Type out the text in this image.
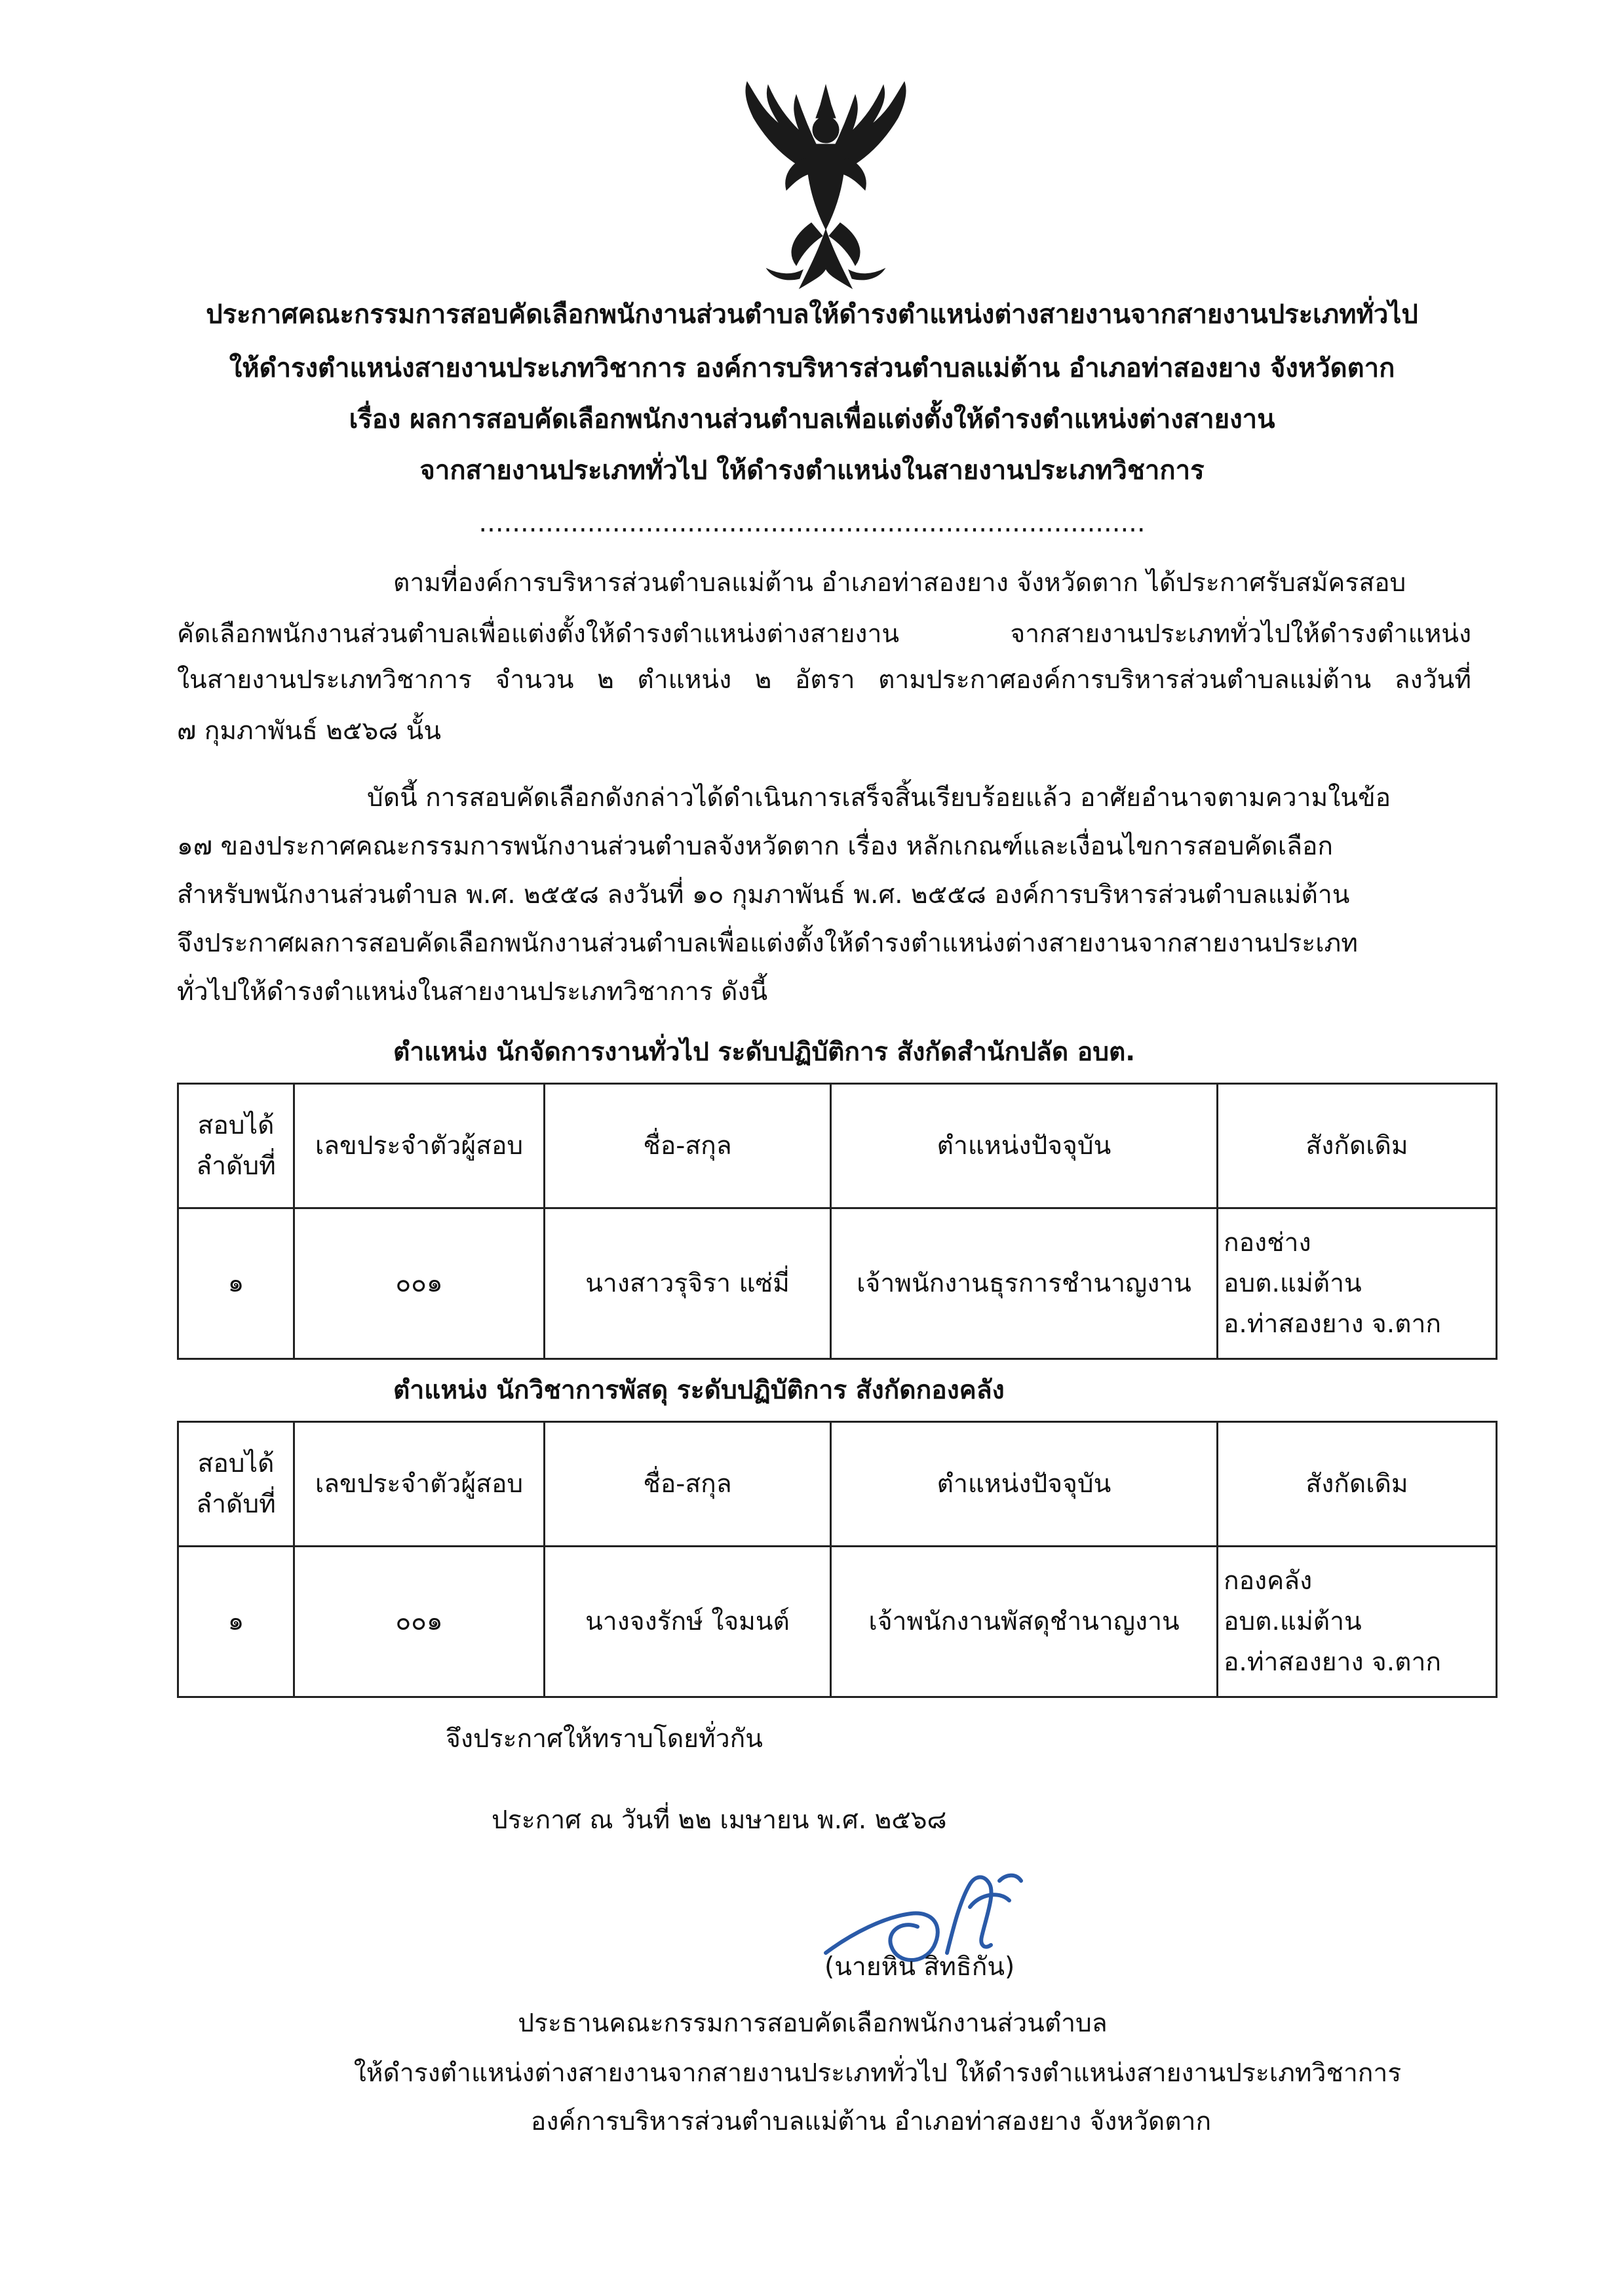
ประกาศคณะกรรมการสอบคัดเลือกพนักงานส่วนตำบลให้ดำรงตำแหน่งต่างสายงานจากสายงานประเภททั่วไป
ให้ดำรงตำแหน่งสายงานประเภทวิชาการ องค์การบริหารส่วนตำบลแม่ต้าน อำเภอท่าสองยาง จังหวัดตาก
เรื่อง ผลการสอบคัดเลือกพนักงานส่วนตำบลเพื่อแต่งตั้งให้ดำรงตำแหน่งต่างสายงาน
จากสายงานประเภททั่วไป ให้ดำรงตำแหน่งในสายงานประเภทวิชาการ
................................................................................
ตามที่องค์การบริหารส่วนตำบลแม่ต้าน อำเภอท่าสองยาง จังหวัดตาก ได้ประกาศรับสมัครสอบ
คัดเลือกพนักงานส่วนตำบลเพื่อแต่งตั้งให้ดำรงตำแหน่งต่างสายงาน	จากสายงานประเภททั่วไปให้ดำรงตำแหน่ง
ในสายงานประเภทวิชาการ จำนวน ๒ ตำแหน่ง ๒ อัตรา ตามประกาศองค์การบริหารส่วนตำบลแม่ต้าน ลงวันที่
๗ กุมภาพันธ์ ๒๕๖๘ นั้น
บัดนี้ การสอบคัดเลือกดังกล่าวได้ดำเนินการเสร็จสิ้นเรียบร้อยแล้ว อาศัยอำนาจตามความในข้อ
๑๗ ของประกาศคณะกรรมการพนักงานส่วนตำบลจังหวัดตาก เรื่อง หลักเกณฑ์และเงื่อนไขการสอบคัดเลือก
สำหรับพนักงานส่วนตำบล พ.ศ. ๒๕๕๘ ลงวันที่ ๑๐ กุมภาพันธ์ พ.ศ. ๒๕๕๘ องค์การบริหารส่วนตำบลแม่ต้าน
จึงประกาศผลการสอบคัดเลือกพนักงานส่วนตำบลเพื่อแต่งตั้งให้ดำรงตำแหน่งต่างสายงานจากสายงานประเภท
ทั่วไปให้ดำรงตำแหน่งในสายงานประเภทวิชาการ ดังนี้
ตำแหน่ง นักจัดการงานทั่วไป ระดับปฏิบัติการ สังกัดสำนักปลัด อบต.
สอบได้
ลำดับที่	เลขประจำตัวผู้สอบ	ชื่อ-สกุล	ตำแหน่งปัจจุบัน	สังกัดเดิม
๑	๐๐๑	นางสาวรุจิรา แซ่มี่	เจ้าพนักงานธุรการชำนาญงาน	กองช่าง
อบต.แม่ต้าน
อ.ท่าสองยาง จ.ตาก
ตำแหน่ง นักวิชาการพัสดุ ระดับปฏิบัติการ สังกัดกองคลัง
สอบได้
ลำดับที่	เลขประจำตัวผู้สอบ	ชื่อ-สกุล	ตำแหน่งปัจจุบัน	สังกัดเดิม
๑	๐๐๑	นางจงรักษ์ ใจมนต์	เจ้าพนักงานพัสดุชำนาญงาน	กองคลัง
อบต.แม่ต้าน
อ.ท่าสองยาง จ.ตาก
จึงประกาศให้ทราบโดยทั่วกัน
ประกาศ ณ วันที่ ๒๒ เมษายน พ.ศ. ๒๕๖๘
(นายหิน สิทธิกัน)
ประธานคณะกรรมการสอบคัดเลือกพนักงานส่วนตำบล
ให้ดำรงตำแหน่งต่างสายงานจากสายงานประเภททั่วไป ให้ดำรงตำแหน่งสายงานประเภทวิชาการ
องค์การบริหารส่วนตำบลแม่ต้าน อำเภอท่าสองยาง จังหวัดตาก
